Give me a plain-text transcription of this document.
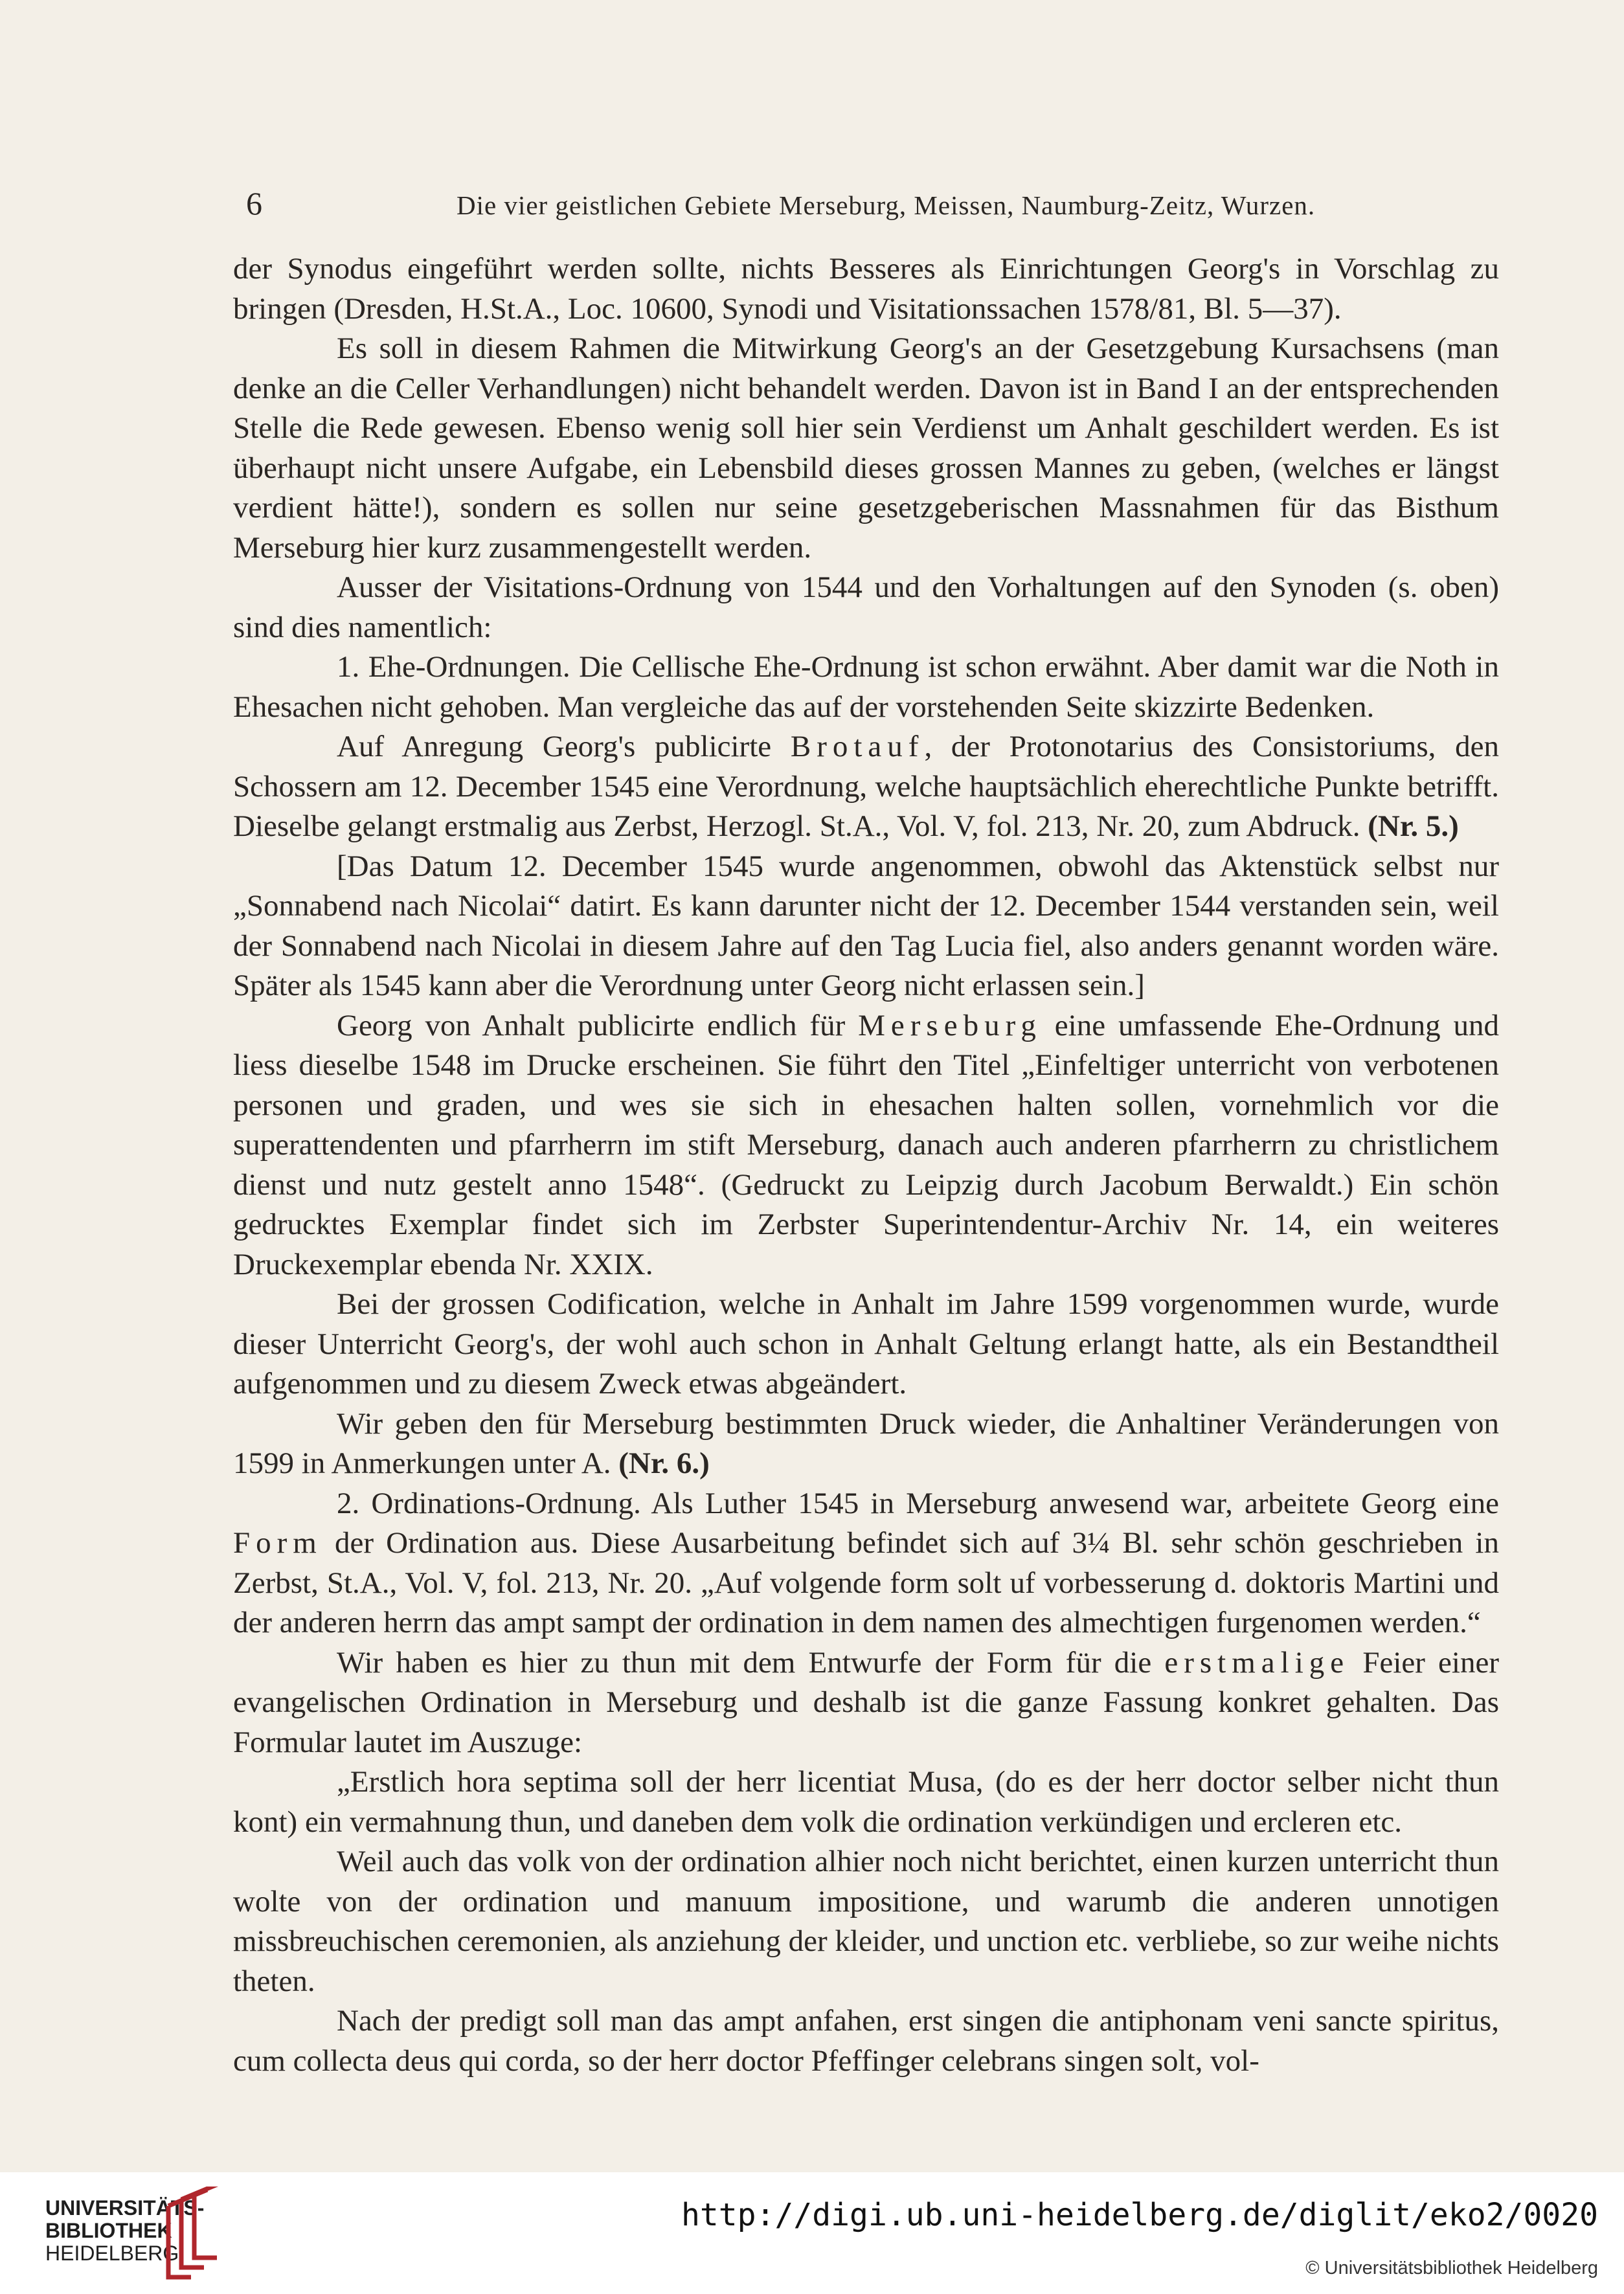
6	Die vier geistlichen Gebiete Merseburg, Meissen, Naumburg-Zeitz, Wurzen.

der Synodus eingeführt werden sollte, nichts Besseres als Einrichtungen Georg's in Vorschlag zu bringen (Dresden, H.St.A., Loc. 10600, Synodi und Visitationssachen 1578/81, Bl. 5—37).

Es soll in diesem Rahmen die Mitwirkung Georg's an der Gesetzgebung Kursachsens (man denke an die Celler Verhandlungen) nicht behandelt werden. Davon ist in Band I an der entsprechenden Stelle die Rede gewesen. Ebenso wenig soll hier sein Verdienst um Anhalt geschildert werden. Es ist überhaupt nicht unsere Aufgabe, ein Lebensbild dieses grossen Mannes zu geben, (welches er längst verdient hätte!), sondern es sollen nur seine gesetzgeberischen Massnahmen für das Bisthum Merseburg hier kurz zusammengestellt werden.

Ausser der Visitations-Ordnung von 1544 und den Vorhaltungen auf den Synoden (s. oben) sind dies namentlich:

1. Ehe-Ordnungen. Die Cellische Ehe-Ordnung ist schon erwähnt. Aber damit war die Noth in Ehesachen nicht gehoben. Man vergleiche das auf der vorstehenden Seite skizzirte Bedenken.

Auf Anregung Georg's publicirte Brotauf, der Protonotarius des Consistoriums, den Schossern am 12. December 1545 eine Verordnung, welche hauptsächlich eherechtliche Punkte betrifft. Dieselbe gelangt erstmalig aus Zerbst, Herzogl. St.A., Vol. V, fol. 213, Nr. 20, zum Abdruck. (Nr. 5.)

[Das Datum 12. December 1545 wurde angenommen, obwohl das Aktenstück selbst nur „Sonnabend nach Nicolai“ datirt. Es kann darunter nicht der 12. December 1544 verstanden sein, weil der Sonnabend nach Nicolai in diesem Jahre auf den Tag Lucia fiel, also anders genannt worden wäre. Später als 1545 kann aber die Verordnung unter Georg nicht erlassen sein.]

Georg von Anhalt publicirte endlich für Merseburg eine umfassende Ehe-Ordnung und liess dieselbe 1548 im Drucke erscheinen. Sie führt den Titel „Einfeltiger unterricht von verbotenen personen und graden, und wes sie sich in ehesachen halten sollen, vornehmlich vor die superattendenten und pfarrherrn im stift Merseburg, danach auch anderen pfarrherrn zu christlichem dienst und nutz gestelt anno 1548“. (Gedruckt zu Leipzig durch Jacobum Berwaldt.) Ein schön gedrucktes Exemplar findet sich im Zerbster Superintendentur-Archiv Nr. 14, ein weiteres Druckexemplar ebenda Nr. XXIX.

Bei der grossen Codification, welche in Anhalt im Jahre 1599 vorgenommen wurde, wurde dieser Unterricht Georg's, der wohl auch schon in Anhalt Geltung erlangt hatte, als ein Bestandtheil aufgenommen und zu diesem Zweck etwas abgeändert.

Wir geben den für Merseburg bestimmten Druck wieder, die Anhaltiner Veränderungen von 1599 in Anmerkungen unter A. (Nr. 6.)

2. Ordinations-Ordnung. Als Luther 1545 in Merseburg anwesend war, arbeitete Georg eine Form der Ordination aus. Diese Ausarbeitung befindet sich auf 3¼ Bl. sehr schön geschrieben in Zerbst, St.A., Vol. V, fol. 213, Nr. 20. „Auf volgende form solt uf vorbesserung d. doktoris Martini und der anderen herrn das ampt sampt der ordination in dem namen des almechtigen furgenomen werden.“

Wir haben es hier zu thun mit dem Entwurfe der Form für die erstmalige Feier einer evangelischen Ordination in Merseburg und deshalb ist die ganze Fassung konkret gehalten. Das Formular lautet im Auszuge:

„Erstlich hora septima soll der herr licentiat Musa, (do es der herr doctor selber nicht thun kont) ein vermahnung thun, und daneben dem volk die ordination verkündigen und ercleren etc.

Weil auch das volk von der ordination alhier noch nicht berichtet, einen kurzen unterricht thun wolte von der ordination und manuum impositione, und warumb die anderen unnotigen missbreuchischen ceremonien, als anziehung der kleider, und unction etc. verbliebe, so zur weihe nichts theten.

Nach der predigt soll man das ampt anfahen, erst singen die antiphonam veni sancte spiritus, cum collecta deus qui corda, so der herr doctor Pfeffinger celebrans singen solt, vol-

UNIVERSITÄTS-
BIBLIOTHEK
HEIDELBERG
http://digi.ub.uni-heidelberg.de/diglit/eko2/0020
© Universitätsbibliothek Heidelberg
